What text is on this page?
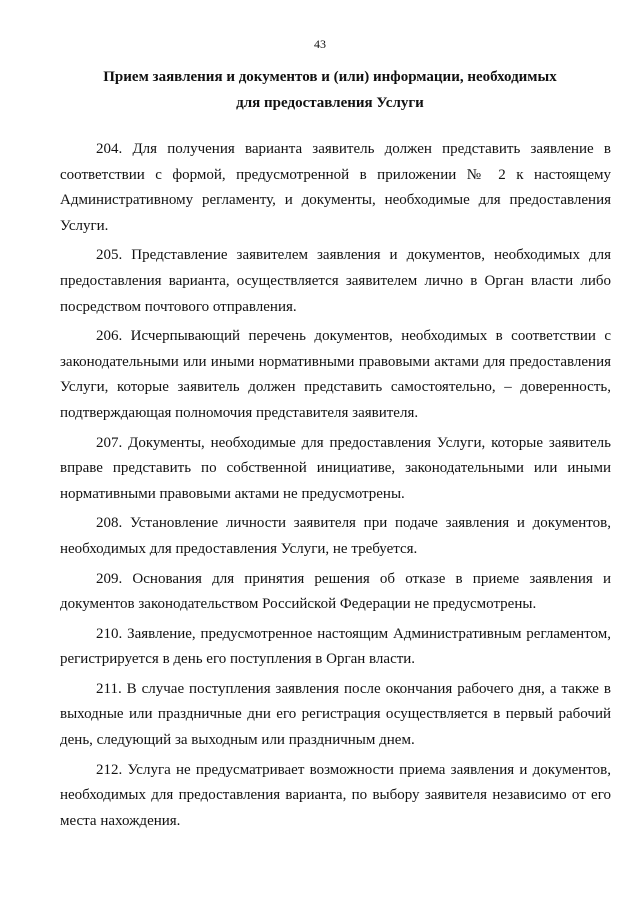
43
Прием заявления и документов и (или) информации, необходимых
для предоставления Услуги

204. Для получения варианта заявитель должен представить заявление в соответствии с формой, предусмотренной в приложении № 2 к настоящему Административному регламенту, и документы, необходимые для предоставления Услуги.

205. Представление заявителем заявления и документов, необходимых для предоставления варианта, осуществляется заявителем лично в Орган власти либо посредством почтового отправления.

206. Исчерпывающий перечень документов, необходимых в соответствии с законодательными или иными нормативными правовыми актами для предоставления Услуги, которые заявитель должен представить самостоятельно, – доверенность, подтверждающая полномочия представителя заявителя.

207. Документы, необходимые для предоставления Услуги, которые заявитель вправе представить по собственной инициативе, законодательными или иными нормативными правовыми актами не предусмотрены.

208. Установление личности заявителя при подаче заявления и документов, необходимых для предоставления Услуги, не требуется.

209. Основания для принятия решения об отказе в приеме заявления и документов законодательством Российской Федерации не предусмотрены.

210. Заявление, предусмотренное настоящим Административным регламентом, регистрируется в день его поступления в Орган власти.

211. В случае поступления заявления после окончания рабочего дня, а также в выходные или праздничные дни его регистрация осуществляется в первый рабочий день, следующий за выходным или праздничным днем.

212. Услуга не предусматривает возможности приема заявления и документов, необходимых для предоставления варианта, по выбору заявителя независимо от его места нахождения.
